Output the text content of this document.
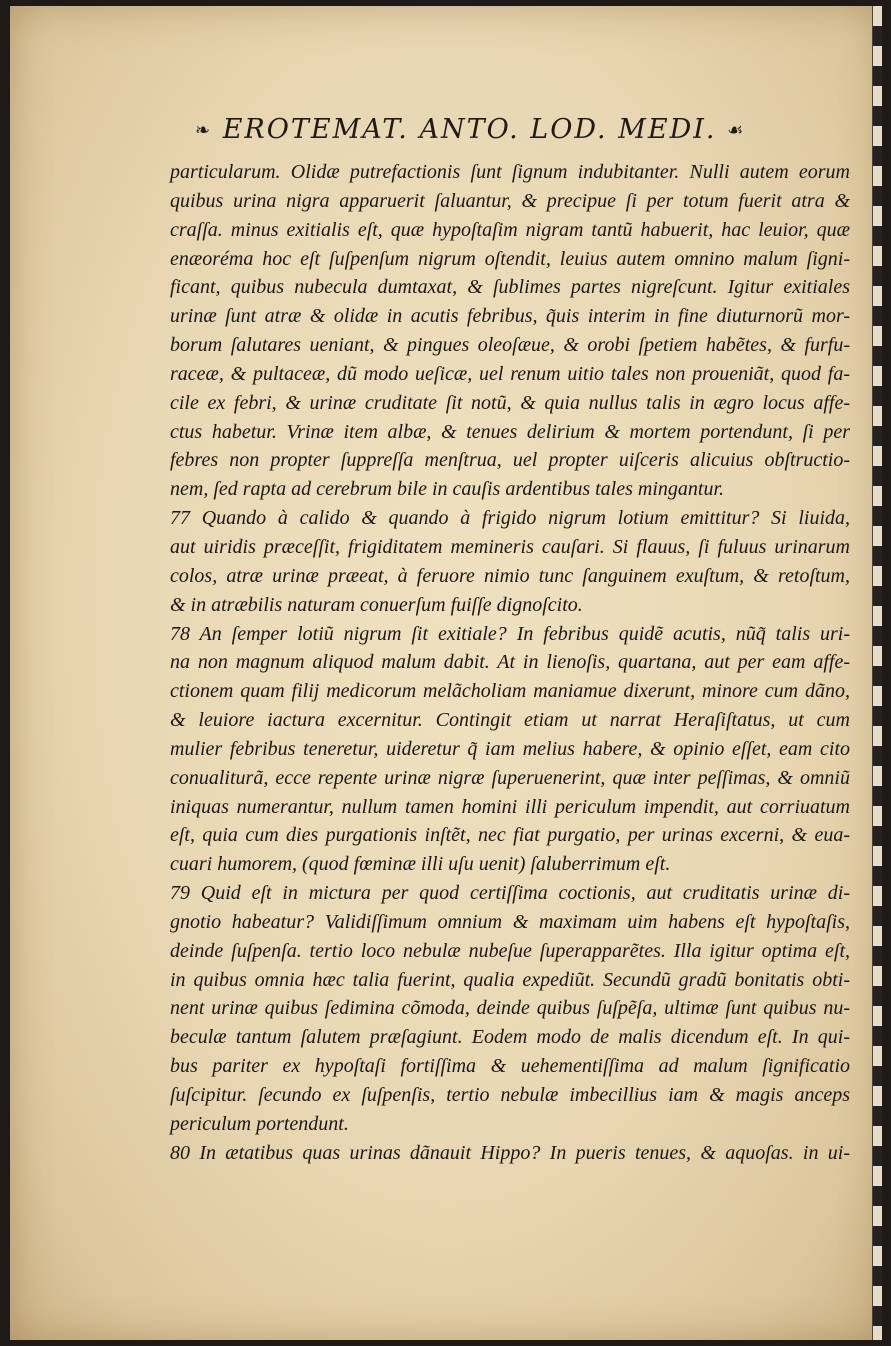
❧ EROTEMAT. ANTO. LOD. MEDI. ☙
particularum. Olidæ putrefactionis ſunt ſignum indubitanter. Nulli autem eorum
quibus urina nigra apparuerit ſaluantur, & precipue ſi per totum fuerit atra &
craſſa. minus exitialis eſt, quæ hypoſtaſim nigram tantũ habuerit, hac leuior, quæ
enæoréma hoc eſt ſuſpenſum nigrum oſtendit, leuius autem omnino malum ſigni-
ficant, quibus nubecula dumtaxat, & ſublimes partes nigreſcunt. Igitur exitiales
urinæ ſunt atræ & olidæ in acutis febribus, q̃uis interim in fine diuturnorũ mor-
borum ſalutares ueniant, & pingues oleoſæue, & orobi ſpetiem habẽtes, & furfu-
raceæ, & pultaceæ, dũ modo ueſicæ, uel renum uitio tales non proueniãt, quod fa-
cile ex febri, & urinæ cruditate ſit notũ, & quia nullus talis in ægro locus affe-
ctus habetur. Vrinæ item albæ, & tenues delirium & mortem portendunt, ſi per
febres non propter ſuppreſſa menſtrua, uel propter uiſceris alicuius obſtructio-
nem, ſed rapta ad cerebrum bile in cauſis ardentibus tales mingantur.
77 Quando à calido & quando à frigido nigrum lotium emittitur? Si liuida,
aut uiridis præceſſit, frigiditatem memineris cauſari. Si flauus, ſi fuluus urinarum
colos, atræ urinæ præeat, à feruore nimio tunc ſanguinem exuſtum, & retoſtum,
& in atræbilis naturam conuerſum fuiſſe dignoſcito.
78 An ſemper lotiũ nigrum ſit exitiale? In febribus quidẽ acutis, nũq̃ talis uri-
na non magnum aliquod malum dabit. At in lienoſis, quartana, aut per eam affe-
ctionem quam filij medicorum melãcholiam maniamue dixerunt, minore cum dãno,
& leuiore iactura excernitur. Contingit etiam ut narrat Heraſiſtatus, ut cum
mulier febribus teneretur, uideretur q̃ iam melius habere, & opinio eſſet, eam cito
conualiturã, ecce repente urinæ nigræ ſuperuenerint, quæ inter peſſimas, & omniũ
iniquas numerantur, nullum tamen homini illi periculum impendit, aut corriuatum
eſt, quia cum dies purgationis inſtẽt, nec fiat purgatio, per urinas excerni, & eua-
cuari humorem, (quod fœminæ illi uſu uenit) ſaluberrimum eſt.
79 Quid eſt in mictura per quod certiſſima coctionis, aut cruditatis urinæ di-
gnotio habeatur? Validiſſimum omnium & maximam uim habens eſt hypoſtaſis,
deinde ſuſpenſa. tertio loco nebulæ nubeſue ſuperapparẽtes. Illa igitur optima eſt,
in quibus omnia hæc talia fuerint, qualia expediũt. Secundũ gradũ bonitatis obti-
nent urinæ quibus ſedimina cõmoda, deinde quibus ſuſpẽſa, ultimæ ſunt quibus nu-
beculæ tantum ſalutem præſagiunt. Eodem modo de malis dicendum eſt. In qui-
bus pariter ex hypoſtaſi fortiſſima & uehementiſſima ad malum ſignificatio
ſuſcipitur. ſecundo ex ſuſpenſis, tertio nebulæ imbecillius iam & magis anceps
periculum portendunt.
80 In ætatibus quas urinas dãnauit Hippo? In pueris tenues, & aquoſas. in ui-
